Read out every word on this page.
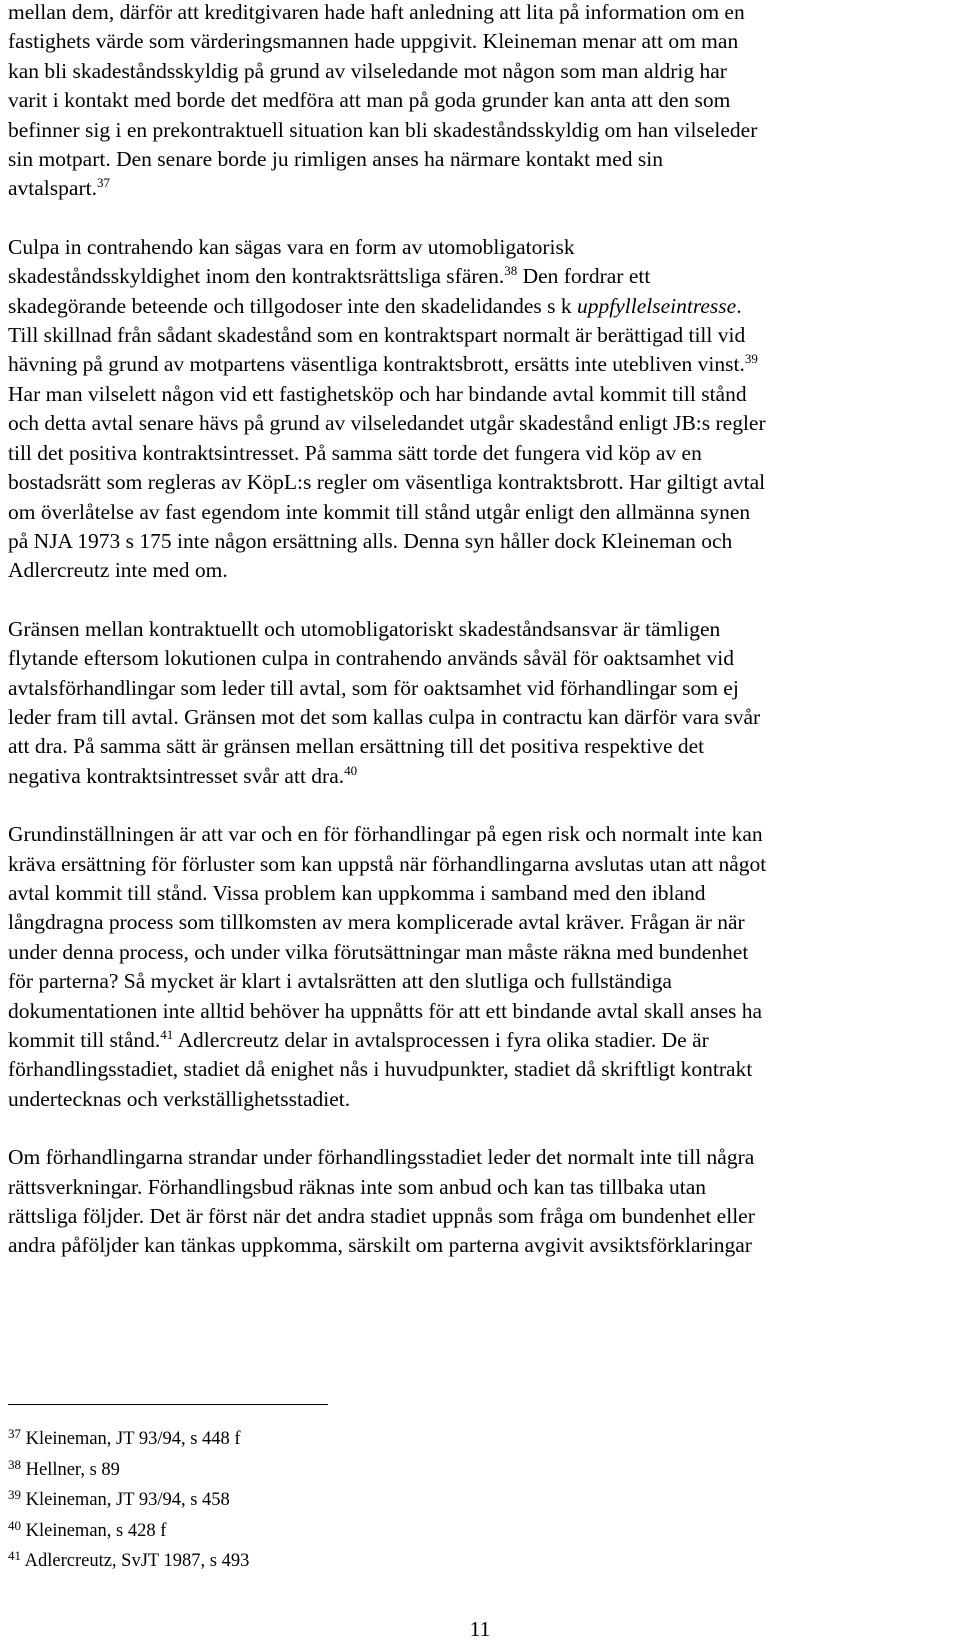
mellan dem, därför att kreditgivaren hade haft anledning att lita på information om en
fastighets värde som värderingsmannen hade uppgivit. Kleineman menar att om man
kan bli skadeståndsskyldig på grund av vilseledande mot någon som man aldrig har
varit i kontakt med borde det medföra att man på goda grunder kan anta att den som
befinner sig i en prekontraktuell situation kan bli skadeståndsskyldig om han vilseleder
sin motpart. Den senare borde ju rimligen anses ha närmare kontakt med sin
avtalspart.$^{37}$

Culpa in contrahendo kan sägas vara en form av utomobligatorisk
skadeståndsskyldighet inom den kontraktsrättsliga sfären.$^{38}$ Den fordrar ett
skadegörande beteende och tillgodoser inte den skadelidandes s k uppfyllelseintresse.
Till skillnad från sådant skadestånd som en kontraktspart normalt är berättigad till vid
hävning på grund av motpartens väsentliga kontraktsbrott, ersätts inte utebliven vinst.$^{39}$
Har man vilselett någon vid ett fastighetsköp och har bindande avtal kommit till stånd
och detta avtal senare hävs på grund av vilseledandet utgår skadestånd enligt JB:s regler
till det positiva kontraktsintresset. På samma sätt torde det fungera vid köp av en
bostadsrätt som regleras av KöpL:s regler om väsentliga kontraktsbrott. Har giltigt avtal
om överlåtelse av fast egendom inte kommit till stånd utgår enligt den allmänna synen
på NJA 1973 s 175 inte någon ersättning alls. Denna syn håller dock Kleineman och
Adlercreutz inte med om.

Gränsen mellan kontraktuellt och utomobligatoriskt skadeståndsansvar är tämligen
flytande eftersom lokutionen culpa in contrahendo används såväl för oaktsamhet vid
avtalsförhandlingar som leder till avtal, som för oaktsamhet vid förhandlingar som ej
leder fram till avtal. Gränsen mot det som kallas culpa in contractu kan därför vara svår
att dra. På samma sätt är gränsen mellan ersättning till det positiva respektive det
negativa kontraktsintresset svår att dra.$^{40}$

Grundinställningen är att var och en för förhandlingar på egen risk och normalt inte kan
kräva ersättning för förluster som kan uppstå när förhandlingarna avslutas utan att något
avtal kommit till stånd. Vissa problem kan uppkomma i samband med den ibland
långdragna process som tillkomsten av mera komplicerade avtal kräver. Frågan är när
under denna process, och under vilka förutsättningar man måste räkna med bundenhet
för parterna? Så mycket är klart i avtalsrätten att den slutliga och fullständiga
dokumentationen inte alltid behöver ha uppnåtts för att ett bindande avtal skall anses ha
kommit till stånd.$^{41}$ Adlercreutz delar in avtalsprocessen i fyra olika stadier. De är
förhandlingsstadiet, stadiet då enighet nås i huvudpunkter, stadiet då skriftligt kontrakt
undertecknas och verkställighetsstadiet.

Om förhandlingarna strandar under förhandlingsstadiet leder det normalt inte till några
rättsverkningar. Förhandlingsbud räknas inte som anbud och kan tas tillbaka utan
rättsliga följder. Det är först när det andra stadiet uppnås som fråga om bundenhet eller
andra påföljder kan tänkas uppkomma, särskilt om parterna avgivit avsiktsförklaringar

$^{37}$ Kleineman, JT 93/94, s 448 f
$^{38}$ Hellner, s 89
$^{39}$ Kleineman, JT 93/94, s 458
$^{40}$ Kleineman, s 428 f
$^{41}$ Adlercreutz, SvJT 1987, s 493
11
